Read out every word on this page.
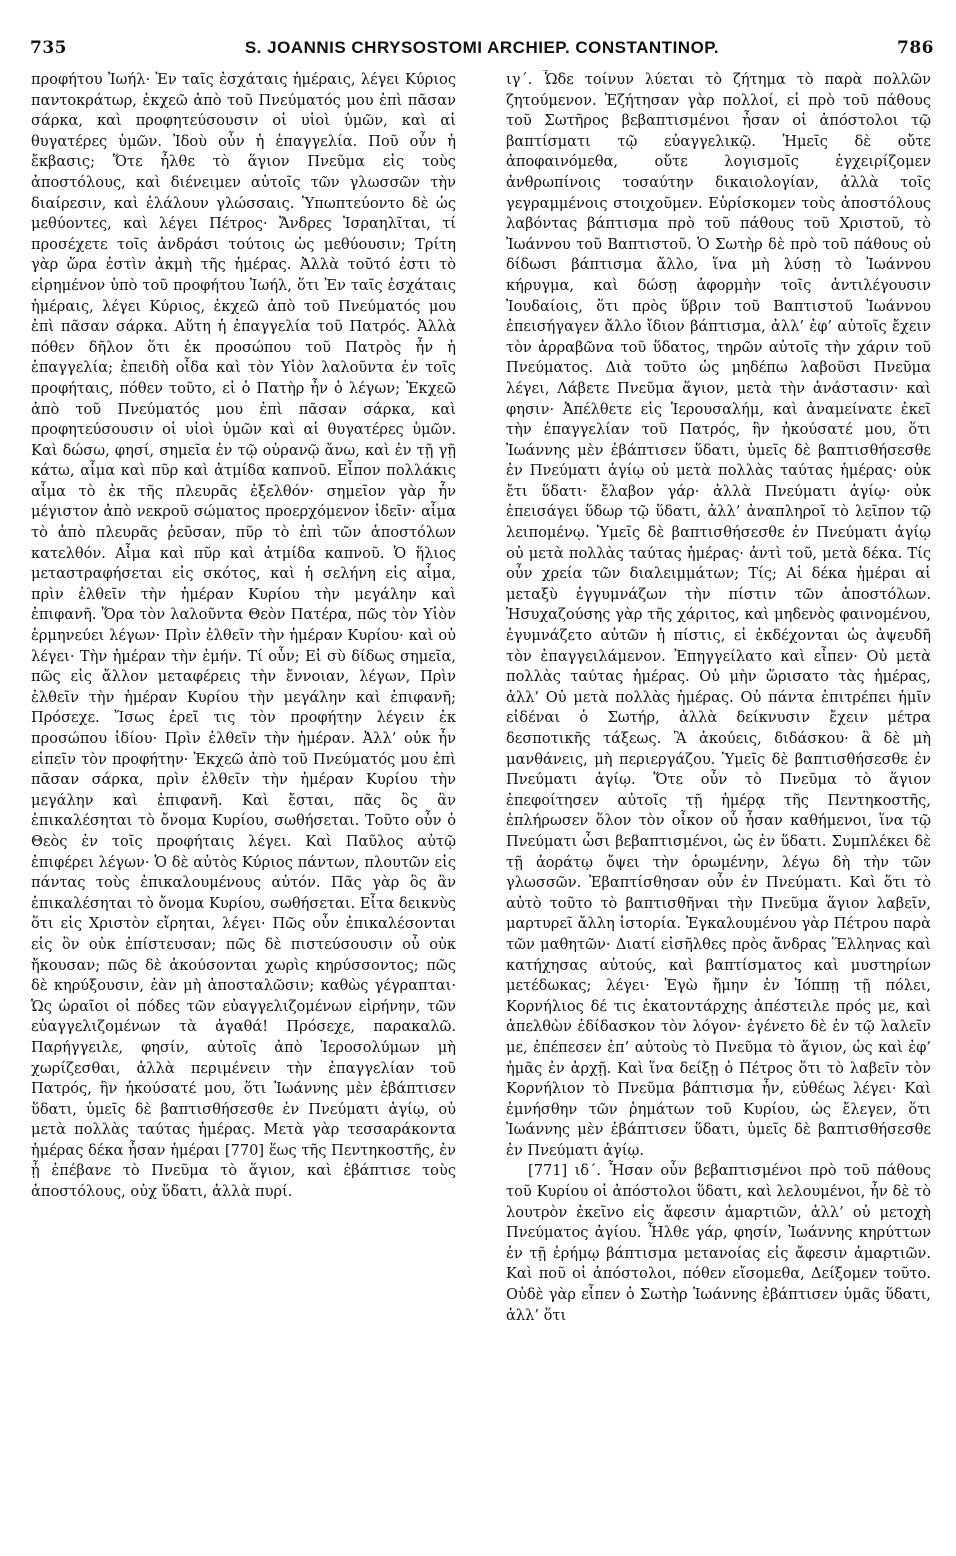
735	S. JOANNIS CHRYSOSTOMI ARCHIEP. CONSTANTINOP.	786

προφήτου Ἰωήλ· Ἐν ταῖς ἐσχάταις ἡμέραις, λέγει Κύριος παντοκράτωρ, ἐκχεῶ ἀπὸ τοῦ Πνεύματός μου ἐπὶ πᾶσαν σάρκα, καὶ προφητεύσουσιν οἱ υἱοὶ ὑμῶν, καὶ αἱ θυγατέρες ὑμῶν. Ἰδοὺ οὖν ἡ ἐπαγγελία. Ποῦ οὖν ἡ ἔκβασις; Ὅτε ἦλθε τὸ ἅγιον Πνεῦμα εἰς τοὺς ἀποστόλους, καὶ διένειμεν αὐτοῖς τῶν γλωσσῶν τὴν διαίρεσιν, καὶ ἐλάλουν γλώσσαις. Ὑπωπτεύοντο δὲ ὡς μεθύοντες, καὶ λέγει Πέτρος· Ἄνδρες Ἰσραηλῖται, τί προσέχετε τοῖς ἀνδράσι τούτοις ὡς μεθύουσιν; Τρίτη γὰρ ὥρα ἐστὶν ἀκμὴ τῆς ἡμέρας. Ἀλλὰ τοῦτό ἐστι τὸ εἰρημένον ὑπὸ τοῦ προφήτου Ἰωήλ, ὅτι Ἐν ταῖς ἐσχάταις ἡμέραις, λέγει Κύριος, ἐκχεῶ ἀπὸ τοῦ Πνεύματός μου ἐπὶ πᾶσαν σάρκα. Αὕτη ἡ ἐπαγγελία τοῦ Πατρός. Ἀλλὰ πόθεν δῆλον ὅτι ἐκ προσώπου τοῦ Πατρὸς ἦν ἡ ἐπαγγελία; ἐπειδὴ οἶδα καὶ τὸν Υἱὸν λαλοῦντα ἐν τοῖς προφήταις, πόθεν τοῦτο, εἰ ὁ Πατὴρ ἦν ὁ λέγων; Ἐκχεῶ ἀπὸ τοῦ Πνεύματός μου ἐπὶ πᾶσαν σάρκα, καὶ προφητεύσουσιν οἱ υἱοὶ ὑμῶν καὶ αἱ θυγατέρες ὑμῶν. Καὶ δώσω, φησί, σημεῖα ἐν τῷ οὐρανῷ ἄνω, καὶ ἐν τῇ γῇ κάτω, αἷμα καὶ πῦρ καὶ ἀτμίδα καπνοῦ. Εἶπον πολλάκις αἷμα τὸ ἐκ τῆς πλευρᾶς ἐξελθόν· σημεῖον γὰρ ἦν μέγιστον ἀπὸ νεκροῦ σώματος προερχόμενον ἰδεῖν· αἷμα τὸ ἀπὸ πλευρᾶς ῥεῦσαν, πῦρ τὸ ἐπὶ τῶν ἀποστόλων κατελθόν. Αἷμα καὶ πῦρ καὶ ἀτμίδα καπνοῦ. Ὁ ἥλιος μεταστραφήσεται εἰς σκότος, καὶ ἡ σελήνη εἰς αἷμα, πρὶν ἐλθεῖν τὴν ἡμέραν Κυρίου τὴν μεγάλην καὶ ἐπιφανῆ. Ὅρα τὸν λαλοῦντα Θεὸν Πατέρα, πῶς τὸν Υἱὸν ἑρμηνεύει λέγων· Πρὶν ἐλθεῖν τὴν ἡμέραν Κυρίου· καὶ οὐ λέγει· Τὴν ἡμέραν τὴν ἐμήν. Τί οὖν; Εἰ σὺ δίδως σημεῖα, πῶς εἰς ἄλλον μεταφέρεις τὴν ἔννοιαν, λέγων, Πρὶν ἐλθεῖν τὴν ἡμέραν Κυρίου τὴν μεγάλην καὶ ἐπιφανῆ; Πρόσεχε. Ἴσως ἐρεῖ τις τὸν προφήτην λέγειν ἐκ προσώπου ἰδίου· Πρὶν ἐλθεῖν τὴν ἡμέραν. Ἀλλ’ οὐκ ἦν εἰπεῖν τὸν προφήτην· Ἐκχεῶ ἀπὸ τοῦ Πνεύματός μου ἐπὶ πᾶσαν σάρκα, πρὶν ἐλθεῖν τὴν ἡμέραν Κυρίου τὴν μεγάλην καὶ ἐπιφανῆ. Καὶ ἔσται, πᾶς ὃς ἂν ἐπικαλέσηται τὸ ὄνομα Κυρίου, σωθήσεται. Τοῦτο οὖν ὁ Θεὸς ἐν τοῖς προφήταις λέγει. Καὶ Παῦλος αὐτῷ ἐπιφέρει λέγων· Ὁ δὲ αὐτὸς Κύριος πάντων, πλουτῶν εἰς πάντας τοὺς ἐπικαλουμένους αὐτόν. Πᾶς γὰρ ὃς ἂν ἐπικαλέσηται τὸ ὄνομα Κυρίου, σωθήσεται. Εἶτα δεικνὺς ὅτι εἰς Χριστὸν εἴρηται, λέγει· Πῶς οὖν ἐπικαλέσονται εἰς ὃν οὐκ ἐπίστευσαν; πῶς δὲ πιστεύσουσιν οὗ οὐκ ἤκουσαν; πῶς δὲ ἀκούσονται χωρὶς κηρύσσοντος; πῶς δὲ κηρύξουσιν, ἐὰν μὴ ἀποσταλῶσιν; καθὼς γέγραπται· Ὡς ὡραῖοι οἱ πόδες τῶν εὐαγγελιζομένων εἰρήνην, τῶν εὐαγγελιζομένων τὰ ἀγαθά! Πρόσεχε, παρακαλῶ. Παρήγγειλε, φησίν, αὐτοῖς ἀπὸ Ἱεροσολύμων μὴ χωρίζεσθαι, ἀλλὰ περιμένειν τὴν ἐπαγγελίαν τοῦ Πατρός, ἣν ἠκούσατέ μου, ὅτι Ἰωάννης μὲν ἐβάπτισεν ὕδατι, ὑμεῖς δὲ βαπτισθήσεσθε ἐν Πνεύματι ἁγίῳ, οὐ μετὰ πολλὰς ταύτας ἡμέρας. Μετὰ γὰρ τεσσαράκοντα ἡμέρας δέκα ἦσαν ἡμέραι [770] ἕως τῆς Πεντηκοστῆς, ἐν ᾗ ἐπέβανε τὸ Πνεῦμα τὸ ἅγιον, καὶ ἐβάπτισε τοὺς ἀποστόλους, οὐχ ὕδατι, ἀλλὰ πυρί.

ιγ΄. Ὧδε τοίνυν λύεται τὸ ζήτημα τὸ παρὰ πολλῶν ζητούμενον. Ἐζήτησαν γὰρ πολλοί, εἰ πρὸ τοῦ πάθους τοῦ Σωτῆρος βεβαπτισμένοι ἦσαν οἱ ἀπόστολοι τῷ βαπτίσματι τῷ εὐαγγελικῷ. Ἡμεῖς δὲ οὔτε ἀποφαινόμεθα, οὔτε λογισμοῖς ἐγχειρίζομεν ἀνθρωπίνοις τοσαύτην δικαιολογίαν, ἀλλὰ τοῖς γεγραμμένοις στοιχοῦμεν. Εὑρίσκομεν τοὺς ἀποστόλους λαβόντας βάπτισμα πρὸ τοῦ πάθους τοῦ Χριστοῦ, τὸ Ἰωάννου τοῦ Βαπτιστοῦ. Ὁ Σωτὴρ δὲ πρὸ τοῦ πάθους οὐ δίδωσι βάπτισμα ἄλλο, ἵνα μὴ λύσῃ τὸ Ἰωάννου κήρυγμα, καὶ δώσῃ ἀφορμὴν τοῖς ἀντιλέγουσιν Ἰουδαίοις, ὅτι πρὸς ὕβριν τοῦ Βαπτιστοῦ Ἰωάννου ἐπεισήγαγεν ἄλλο ἴδιον βάπτισμα, ἀλλ’ ἐφ’ αὐτοῖς ἔχειν τὸν ἀρραβῶνα τοῦ ὕδατος, τηρῶν αὐτοῖς τὴν χάριν τοῦ Πνεύματος. Διὰ τοῦτο ὡς μηδέπω λαβοῦσι Πνεῦμα λέγει, Λάβετε Πνεῦμα ἅγιον, μετὰ τὴν ἀνάστασιν· καὶ φησιν· Ἀπέλθετε εἰς Ἱερουσαλήμ, καὶ ἀναμείνατε ἐκεῖ τὴν ἐπαγγελίαν τοῦ Πατρός, ἣν ἠκούσατέ μου, ὅτι Ἰωάννης μὲν ἐβάπτισεν ὕδατι, ὑμεῖς δὲ βαπτισθήσεσθε ἐν Πνεύματι ἁγίῳ οὐ μετὰ πολλὰς ταύτας ἡμέρας· οὐκ ἔτι ὕδατι· ἔλαβον γάρ· ἀλλὰ Πνεύματι ἁγίῳ· οὐκ ἐπεισάγει ὕδωρ τῷ ὕδατι, ἀλλ’ ἀναπληροῖ τὸ λεῖπον τῷ λειπομένῳ. Ὑμεῖς δὲ βαπτισθήσεσθε ἐν Πνεύματι ἁγίῳ οὐ μετὰ πολλὰς ταύτας ἡμέρας· ἀντὶ τοῦ, μετὰ δέκα. Τίς οὖν χρεία τῶν διαλειμμάτων; Τίς; Αἱ δέκα ἡμέραι αἱ μεταξὺ ἐγγυμνάζων τὴν πίστιν τῶν ἀποστόλων. Ἡσυχαζούσης γὰρ τῆς χάριτος, καὶ μηδενὸς φαινομένου, ἐγυμνάζετο αὐτῶν ἡ πίστις, εἰ ἐκδέχονται ὡς ἀψευδῆ τὸν ἐπαγγειλάμενον. Ἐπηγγείλατο καὶ εἶπεν· Οὐ μετὰ πολλὰς ταύτας ἡμέρας. Οὐ μὴν ὥρισατο τὰς ἡμέρας, ἀλλ’ Οὐ μετὰ πολλὰς ἡμέρας. Οὐ πάντα ἐπιτρέπει ἡμῖν εἰδέναι ὁ Σωτήρ, ἀλλὰ δείκνυσιν ἔχειν μέτρα δεσποτικῆς τάξεως. Ἃ ἀκούεις, διδάσκου· ἃ δὲ μὴ μανθάνεις, μὴ περιεργάζου. Ὑμεῖς δὲ βαπτισθήσεσθε ἐν Πνεύματι ἁγίῳ. Ὅτε οὖν τὸ Πνεῦμα τὸ ἅγιον ἐπεφοίτησεν αὐτοῖς τῇ ἡμέρᾳ τῆς Πεντηκοστῆς, ἐπλήρωσεν ὅλον τὸν οἶκον οὗ ἦσαν καθήμενοι, ἵνα τῷ Πνεύματι ὦσι βεβαπτισμένοι, ὡς ἐν ὕδατι. Συμπλέκει δὲ τῇ ἀοράτῳ ὄψει τὴν ὁρωμένην, λέγω δὴ τὴν τῶν γλωσσῶν. Ἐβαπτίσθησαν οὖν ἐν Πνεύματι. Καὶ ὅτι τὸ αὐτὸ τοῦτο τὸ βαπτισθῆναι τὴν Πνεῦμα ἅγιον λαβεῖν, μαρτυρεῖ ἄλλη ἱστορία. Ἐγκαλουμένου γὰρ Πέτρου παρὰ τῶν μαθητῶν· Διατί εἰσῆλθες πρὸς ἄνδρας Ἕλληνας καὶ κατήχησας αὐτούς, καὶ βαπτίσματος καὶ μυστηρίων μετέδωκας; λέγει· Ἐγὼ ἤμην ἐν Ἰόππῃ τῇ πόλει, Κορνήλιος δέ τις ἑκατοντάρχης ἀπέστειλε πρός με, καὶ ἀπελθὼν ἐδίδασκον τὸν λόγον· ἐγένετο δὲ ἐν τῷ λαλεῖν με, ἐπέπεσεν ἐπ’ αὐτοὺς τὸ Πνεῦμα τὸ ἅγιον, ὡς καὶ ἐφ’ ἡμᾶς ἐν ἀρχῇ. Καὶ ἵνα δείξῃ ὁ Πέτρος ὅτι τὸ λαβεῖν τὸν Κορνήλιον τὸ Πνεῦμα βάπτισμα ἦν, εὐθέως λέγει· Καὶ ἐμνήσθην τῶν ῥημάτων τοῦ Κυρίου, ὡς ἔλεγεν, ὅτι Ἰωάννης μὲν ἐβάπτισεν ὕδατι, ὑμεῖς δὲ βαπτισθήσεσθε ἐν Πνεύματι ἁγίῳ.

[771] ιδ΄. Ἦσαν οὖν βεβαπτισμένοι πρὸ τοῦ πάθους τοῦ Κυρίου οἱ ἀπόστολοι ὕδατι, καὶ λελουμένοι, ἦν δὲ τὸ λουτρὸν ἐκεῖνο εἰς ἄφεσιν ἁμαρτιῶν, ἀλλ’ οὐ μετοχὴ Πνεύματος ἁγίου. Ἦλθε γάρ, φησίν, Ἰωάννης κηρύττων ἐν τῇ ἐρήμῳ βάπτισμα μετανοίας εἰς ἄφεσιν ἁμαρτιῶν. Καὶ ποῦ οἱ ἀπόστολοι, πόθεν εἴσομεθα, Δείξομεν τοῦτο. Οὐδὲ γὰρ εἶπεν ὁ Σωτὴρ Ἰωάννης ἐβάπτισεν ὑμᾶς ὕδατι, ἀλλ’ ὅτι
